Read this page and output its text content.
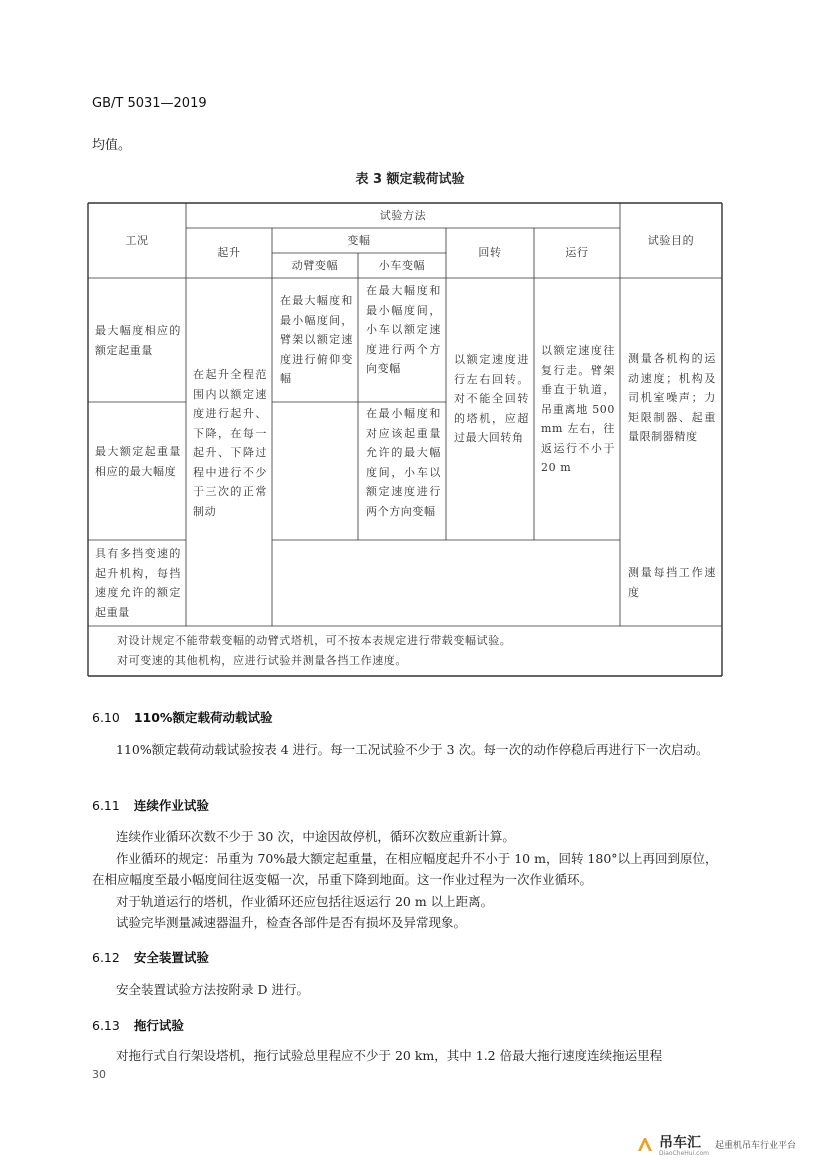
GB/T 5031—2019
均值。
表 3 额定载荷试验
工况
试验方法
起升
变幅
动臂变幅	小车变幅
回转	运行
试验目的
最大幅度相应的额定起重量
最大额定起重量相应的最大幅度
具有多挡变速的起升机构，每挡速度允许的额定起重量
在起升全程范围内以额定速度进行起升、下降，在每一起升、下降过程中进行不少于三次的正常制动
在最大幅度和最小幅度间，臂架以额定速度进行俯仰变幅
在最大幅度和最小幅度间，小车以额定速度进行两个方向变幅
在最小幅度和对应该起重量允许的最大幅度间，小车以额定速度进行两个方向变幅
以额定速度进行左右回转。对不能全回转的塔机，应超过最大回转角
以额定速度往复行走。臂架垂直于轨道，吊重离地 500 mm 左右，往返运行不小于 20 m
测量各机构的运动速度；机构及司机室噪声；力矩限制器、起重量限制器精度
测量每挡工作速度
对设计规定不能带载变幅的动臂式塔机，可不按本表规定进行带载变幅试验。
对可变速的其他机构，应进行试验并测量各挡工作速度。
6.10 110%额定载荷动载试验
110%额定载荷动载试验按表 4 进行。每一工况试验不少于 3 次。每一次的动作停稳后再进行下一次启动。
6.11 连续作业试验
连续作业循环次数不少于 30 次，中途因故停机，循环次数应重新计算。
作业循环的规定：吊重为 70%最大额定起重量，在相应幅度起升不小于 10 m，回转 180°以上再回到原位，在相应幅度至最小幅度间往返变幅一次，吊重下降到地面。这一作业过程为一次作业循环。
对于轨道运行的塔机，作业循环还应包括往返运行 20 m 以上距离。
试验完毕测量减速器温升，检查各部件是否有损坏及异常现象。
6.12 安全装置试验
安全装置试验方法按附录 D 进行。
6.13 拖行试验
对拖行式自行架设塔机，拖行试验总里程应不少于 20 km，其中 1.2 倍最大拖行速度连续拖运里程
30
吊车汇
DiaoCheHui.com
起重机吊车行业平台
